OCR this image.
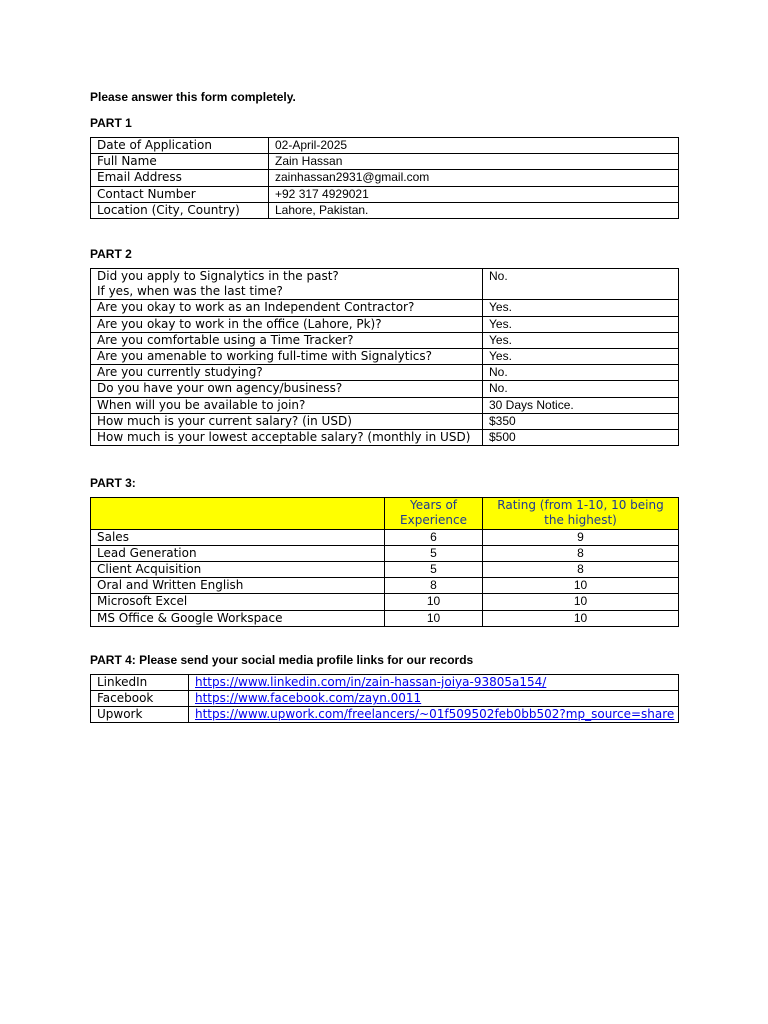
Please answer this form completely.
PART 1
Date of Application	02-April-2025
Full Name	Zain Hassan
Email Address	zainhassan2931@gmail.com
Contact Number	+92 317 4929021
Location (City, Country)	Lahore, Pakistan.
PART 2
Did you apply to Signalytics in the past?
If yes, when was the last time?	No.
Are you okay to work as an Independent Contractor?	Yes.
Are you okay to work in the office (Lahore, Pk)?	Yes.
Are you comfortable using a Time Tracker?	Yes.
Are you amenable to working full-time with Signalytics?	Yes.
Are you currently studying?	No.
Do you have your own agency/business?	No.
When will you be available to join?	30 Days Notice.
How much is your current salary? (in USD)	$350
How much is your lowest acceptable salary? (monthly in USD)	$500
PART 3:
	Years of Experience	Rating (from 1-10, 10 being the highest)
Sales	6	9
Lead Generation	5	8
Client Acquisition	5	8
Oral and Written English	8	10
Microsoft Excel	10	10
MS Office & Google Workspace	10	10
PART 4: Please send your social media profile links for our records
LinkedIn	https://www.linkedin.com/in/zain-hassan-joiya-93805a154/
Facebook	https://www.facebook.com/zayn.0011
Upwork	https://www.upwork.com/freelancers/~01f509502feb0bb502?mp_source=share
